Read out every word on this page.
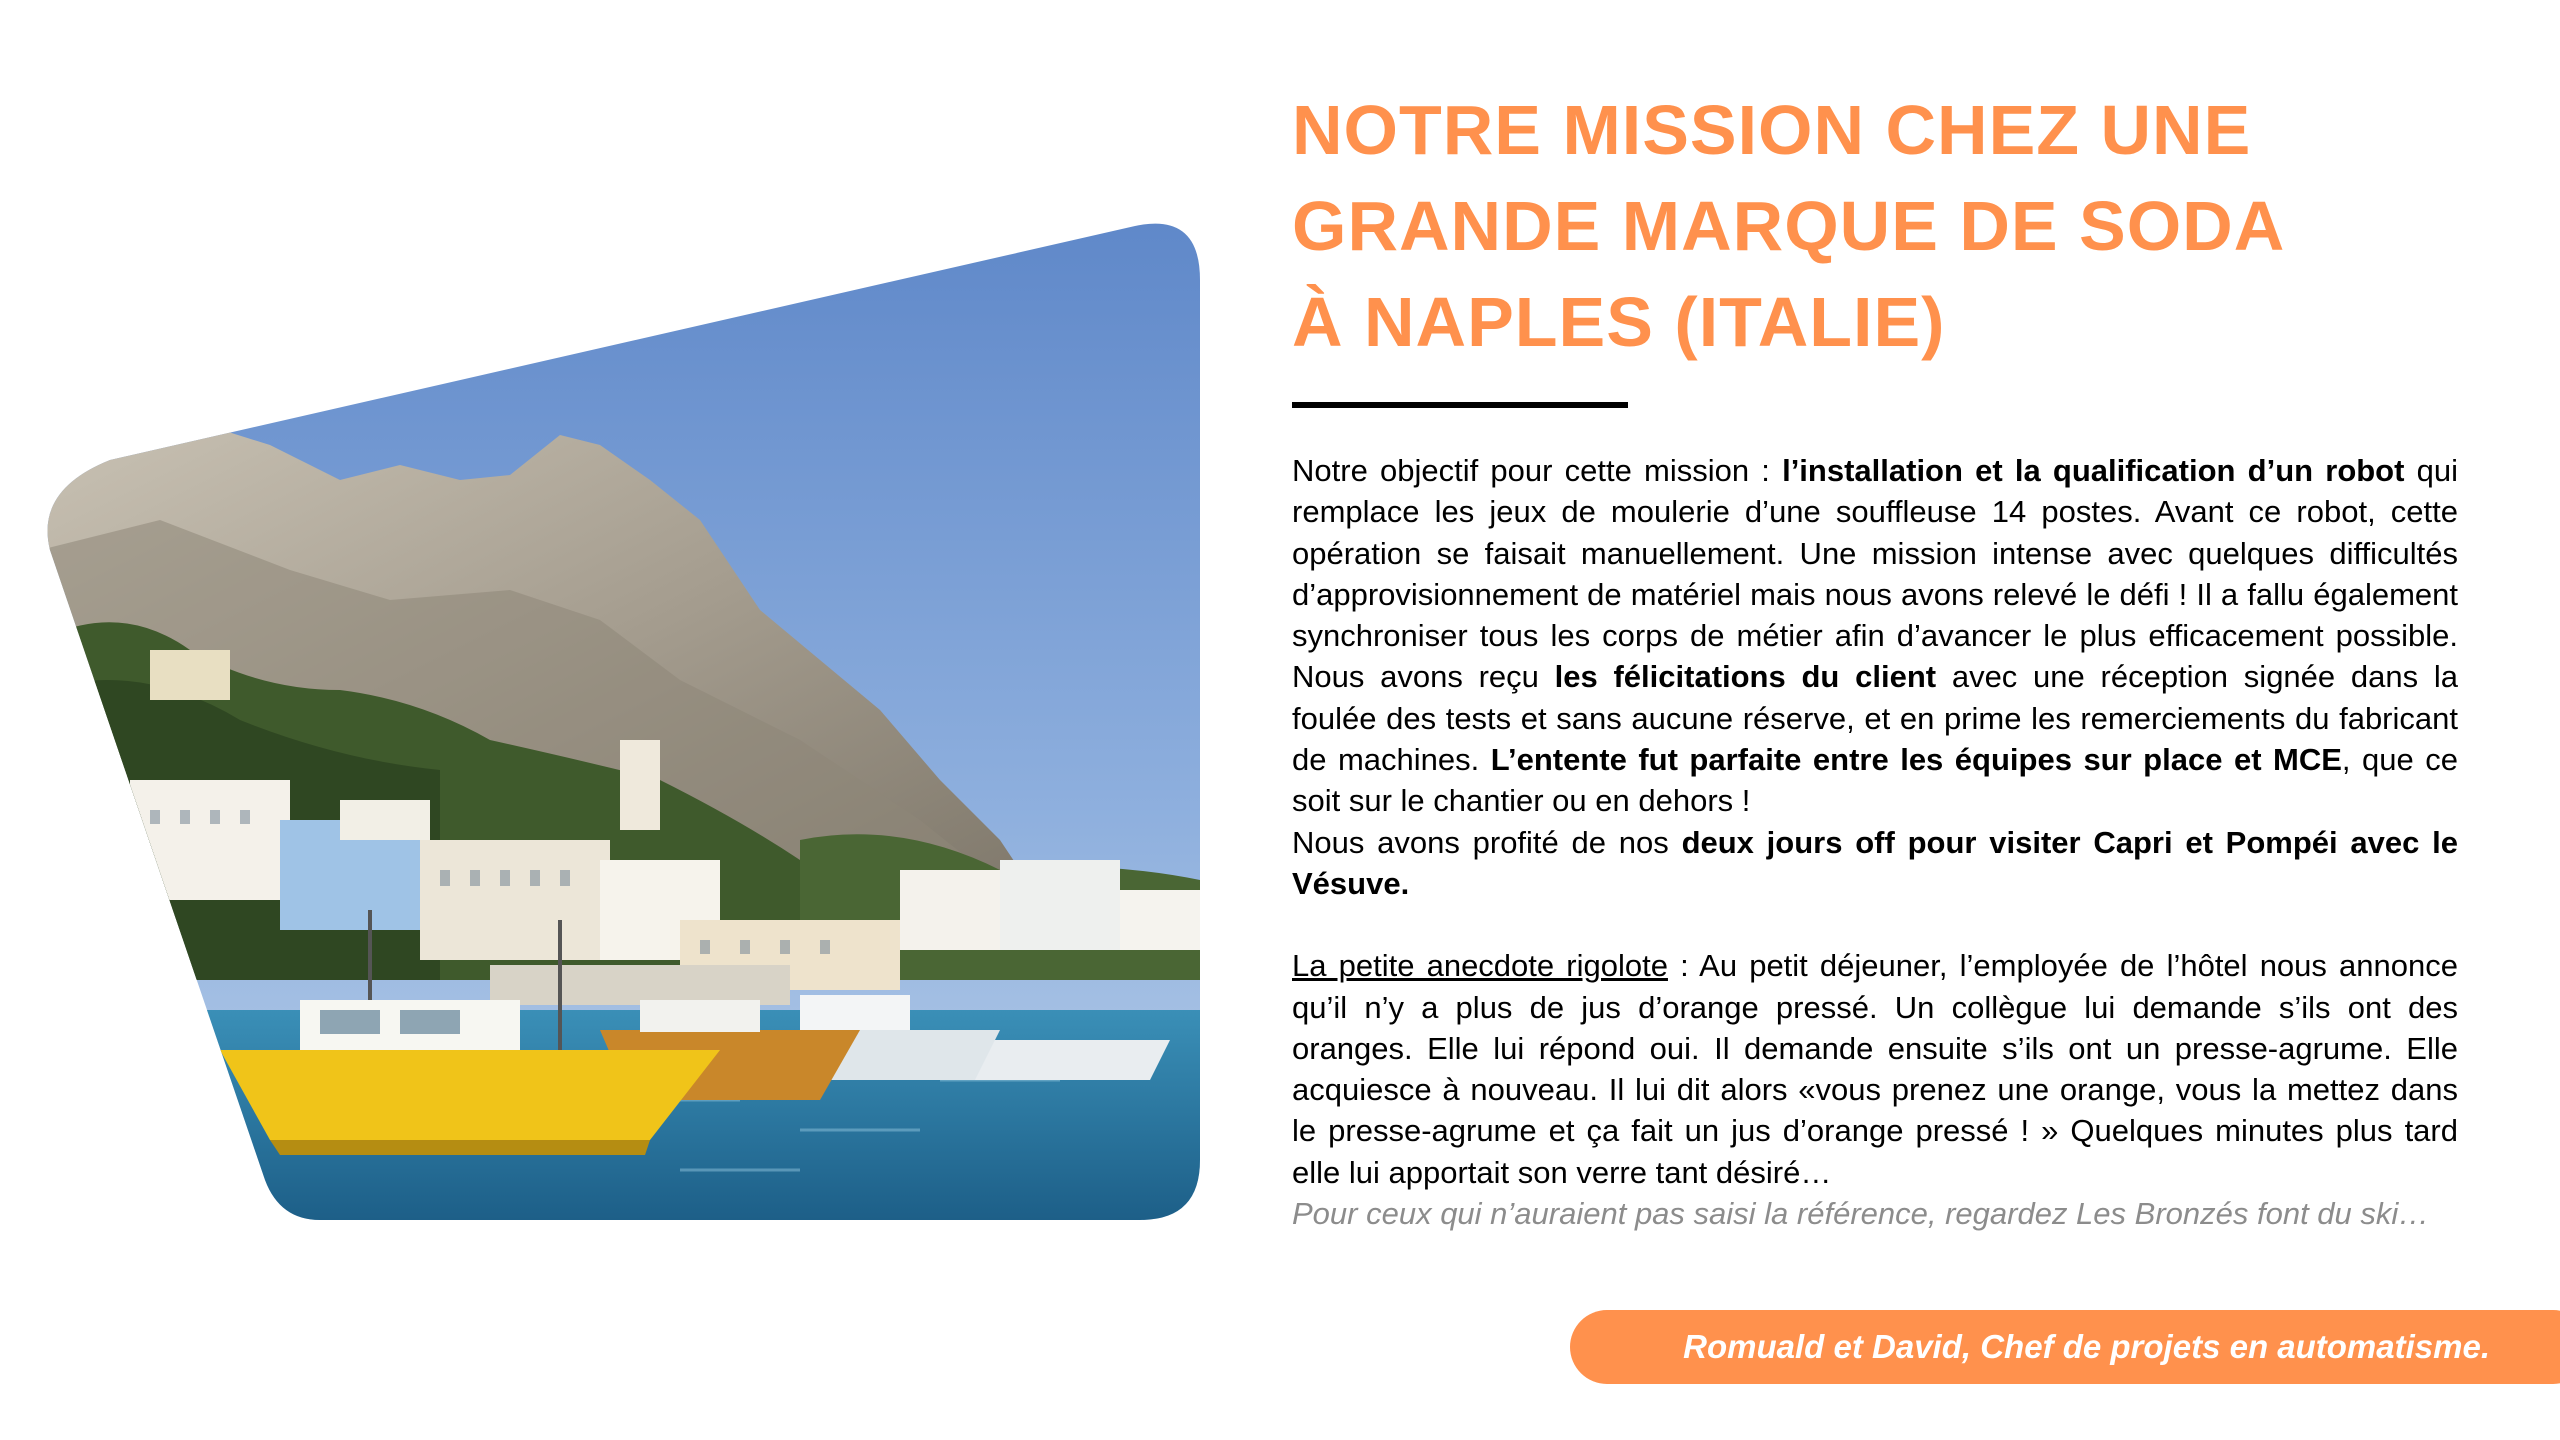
NOTRE MISSION CHEZ UNE
GRANDE MARQUE DE SODA
À NAPLES (ITALIE)

Notre objectif pour cette mission : l’installation et la qualification d’un robot qui remplace les jeux de moulerie d’une souffleuse 14 postes. Avant ce robot, cette opération se faisait manuellement. Une mission intense avec quelques difficultés d’approvisionnement de matériel mais nous avons relevé le défi ! Il a fallu également synchroniser tous les corps de métier afin d’avancer le plus efficacement possible. Nous avons reçu les félicitations du client avec une réception signée dans la foulée des tests et sans aucune réserve, et en prime les remerciements du fabricant de machines. L’entente fut parfaite entre les équipes sur place et MCE, que ce soit sur le chantier ou en dehors !

Nous avons profité de nos deux jours off pour visiter Capri et Pompéi avec le Vésuve.

La petite anecdote rigolote : Au petit déjeuner, l’employée de l’hôtel nous annonce qu’il n’y a plus de jus d’orange pressé. Un collègue lui demande s’ils ont des oranges. Elle lui répond oui. Il demande ensuite s’ils ont un presse-agrume. Elle acquiesce à nouveau. Il lui dit alors «vous prenez une orange, vous la mettez dans le presse-agrume et ça fait un jus d’orange pressé ! » Quelques minutes plus tard elle lui apportait son verre tant désiré…

Pour ceux qui n’auraient pas saisi la référence, regardez Les Bronzés font du ski…

Romuald et David, Chef de projets en automatisme.
